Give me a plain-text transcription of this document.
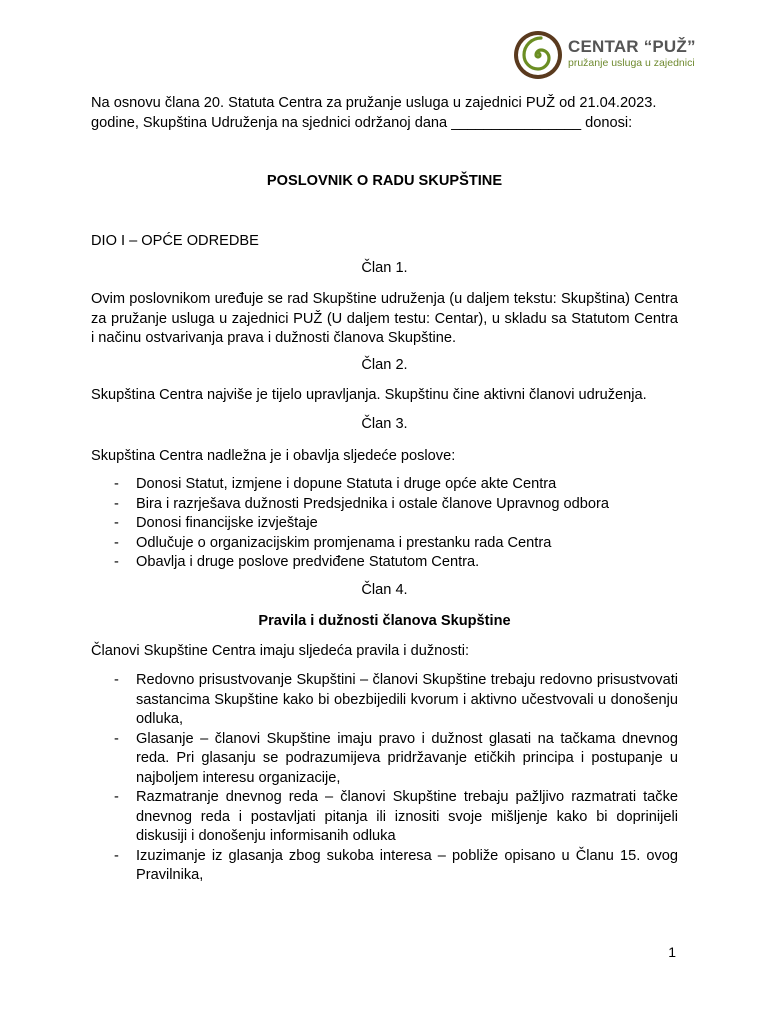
CENTAR “PUŽ”
pružanje usluga u zajednici

Na osnovu člana 20. Statuta Centra za pružanje usluga u zajednici PUŽ od 21.04.2023. godine, Skupština Udruženja na sjednici održanoj dana ________________ donosi:

POSLOVNIK O RADU SKUPŠTINE

DIO I – OPĆE ODREDBE

Član 1.

Ovim poslovnikom uređuje se rad Skupštine udruženja (u daljem tekstu: Skupština) Centra za pružanje usluga u zajednici PUŽ (U daljem testu: Centar), u skladu sa Statutom Centra i načinu ostvarivanja prava i dužnosti članova Skupštine.

Član 2.

Skupština Centra najviše je tijelo upravljanja. Skupštinu čine aktivni članovi udruženja.

Član 3.

Skupština Centra nadležna je i obavlja sljedeće poslove:

- Donosi Statut, izmjene i dopune Statuta i druge opće akte Centra
- Bira i razrješava dužnosti Predsjednika i ostale članove Upravnog odbora
- Donosi financijske izvještaje
- Odlučuje o organizacijskim promjenama i prestanku rada Centra
- Obavlja i druge poslove predviđene Statutom Centra.

Član 4.

Pravila i dužnosti članova Skupštine

Članovi Skupštine Centra imaju sljedeća pravila i dužnosti:

- Redovno prisustvovanje Skupštini – članovi Skupštine trebaju redovno prisustvovati sastancima Skupštine kako bi obezbijedili kvorum i aktivno učestvovali u donošenju odluka,
- Glasanje – članovi Skupštine imaju pravo i dužnost glasati na tačkama dnevnog reda. Pri glasanju se podrazumijeva pridržavanje etičkih principa i postupanje u najboljem interesu organizacije,
- Razmatranje dnevnog reda – članovi Skupštine trebaju pažljivo razmatrati tačke dnevnog reda i postavljati pitanja ili iznositi svoje mišljenje kako bi doprinijeli diskusiji i donošenju informisanih odluka
- Izuzimanje iz glasanja zbog sukoba interesa – pobliže opisano u Članu 15. ovog Pravilnika,
1
